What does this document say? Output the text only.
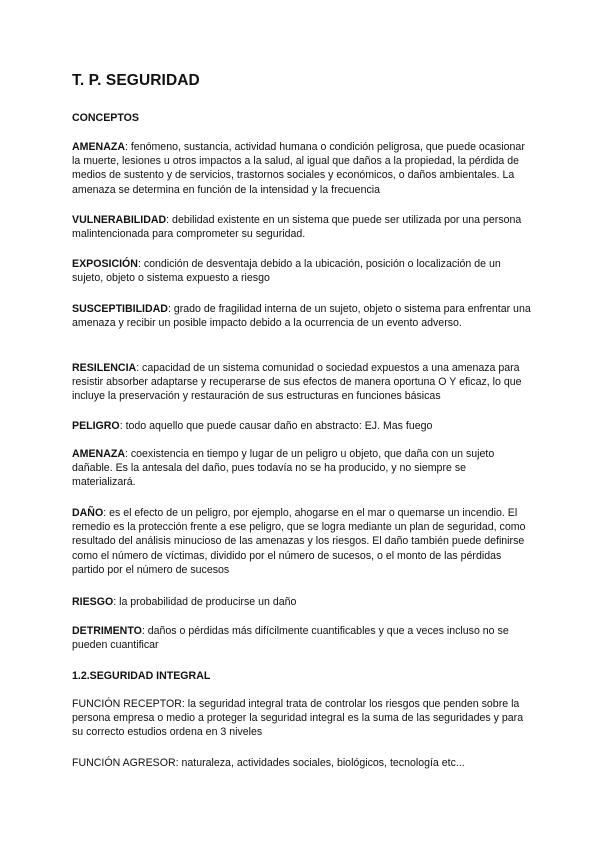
T. P. SEGURIDAD
CONCEPTOS

AMENAZA: fenómeno, sustancia, actividad humana o condición peligrosa, que puede ocasionar la muerte, lesiones u otros impactos a la salud, al igual que daños a la propiedad, la pérdida de medios de sustento y de servicios, trastornos sociales y económicos, o daños ambientales. La amenaza se determina en función de la intensidad y la frecuencia

VULNERABILIDAD: debilidad existente en un sistema que puede ser utilizada por una persona malintencionada para comprometer su seguridad.

EXPOSICIÓN: condición de desventaja debido a la ubicación, posición o localización de un sujeto, objeto o sistema expuesto a riesgo

SUSCEPTIBILIDAD: grado de fragilidad interna de un sujeto, objeto o sistema para enfrentar una amenaza y recibir un posible impacto debido a la ocurrencia de un evento adverso.

RESILENCIA: capacidad de un sistema comunidad o sociedad expuestos a una amenaza para resistir absorber adaptarse y recuperarse de sus efectos de manera oportuna O Y eficaz, lo que incluye la preservación y restauración de sus estructuras en funciones básicas

PELIGRO: todo aquello que puede causar daño en abstracto: EJ. Mas fuego

AMENAZA: coexistencia en tiempo y lugar de un peligro u objeto, que daña con un sujeto dañable. Es la antesala del daño, pues todavía no se ha producido, y no siempre se materializará.

DAÑO: es el efecto de un peligro, por ejemplo, ahogarse en el mar o quemarse un incendio. El remedio es la protección frente a ese peligro, que se logra mediante un plan de seguridad, como resultado del análisis minucioso de las amenazas y los riesgos. El daño también puede definirse como el número de víctimas, dividido por el número de sucesos, o el monto de las pérdidas partido por el número de sucesos

RIESGO: la probabilidad de producirse un daño

DETRIMENTO: daños o pérdidas más difícilmente cuantificables y que a veces incluso no se pueden cuantificar

1.2.SEGURIDAD INTEGRAL

FUNCIÓN RECEPTOR: la seguridad integral trata de controlar los riesgos que penden sobre la persona empresa o medio a proteger la seguridad integral es la suma de las seguridades y para su correcto estudios ordena en 3 niveles

FUNCIÓN AGRESOR: naturaleza, actividades sociales, biológicos, tecnología etc...
